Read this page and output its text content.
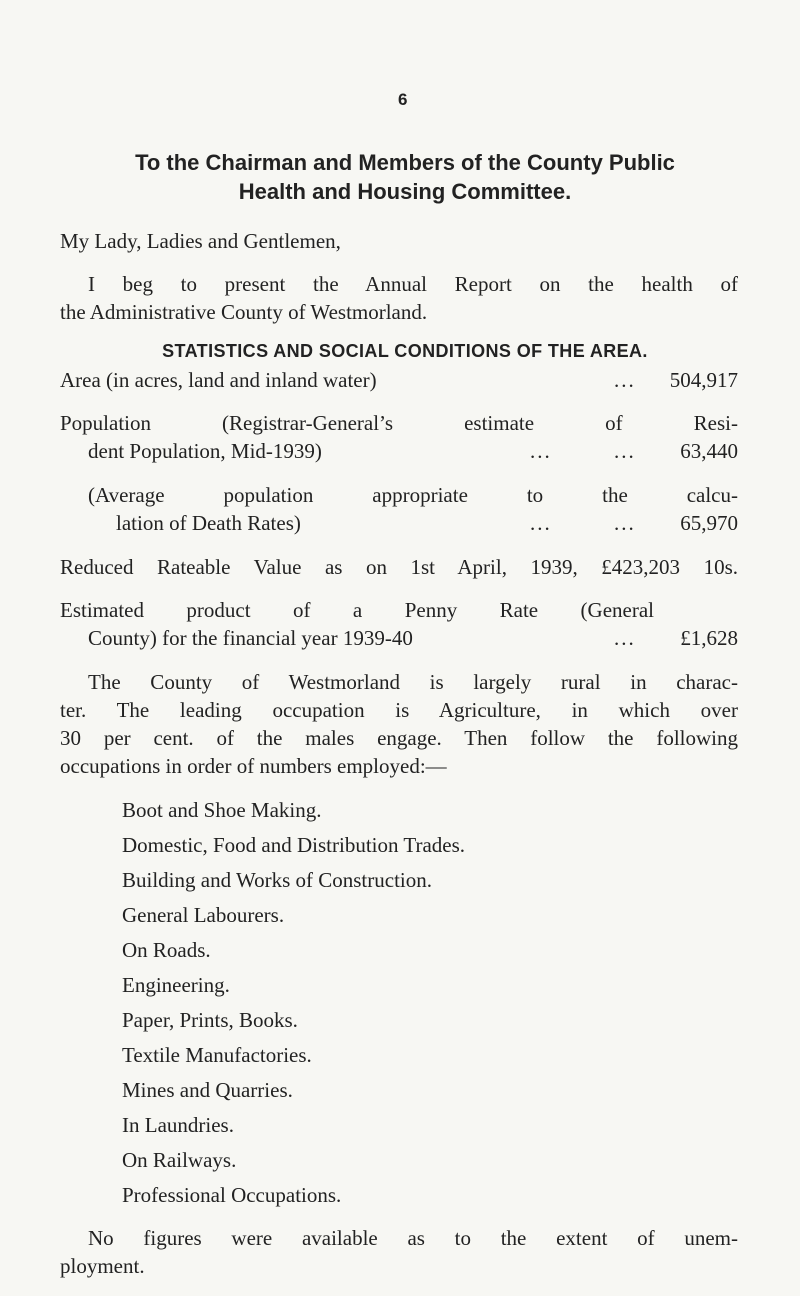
6
To the Chairman and Members of the County Public
Health and Housing Committee.
My Lady, Ladies and Gentlemen,
I beg to present the Annual Report on the health of
the Administrative County of Westmorland.
STATISTICS AND SOCIAL CONDITIONS OF THE AREA.
Area (in acres, land and inland water)	... 504,917
Population (Registrar-General’s estimate of Resi-
dent Population, Mid-1939)	...	... 63,440
(Average population appropriate to the calcu-
lation of Death Rates)	...	... 65,970
Reduced Rateable Value as on 1st April, 1939, £423,203 10s.
Estimated product of a Penny Rate (General
County) for the financial year 1939-40	... £1,628
The County of Westmorland is largely rural in charac-
ter. The leading occupation is Agriculture, in which over
30 per cent. of the males engage. Then follow the following
occupations in order of numbers employed:—
Boot and Shoe Making.
Domestic, Food and Distribution Trades.
Building and Works of Construction.
General Labourers.
On Roads.
Engineering.
Paper, Prints, Books.
Textile Manufactories.
Mines and Quarries.
In Laundries.
On Railways.
Professional Occupations.
No figures were available as to the extent of unem-
ployment.
